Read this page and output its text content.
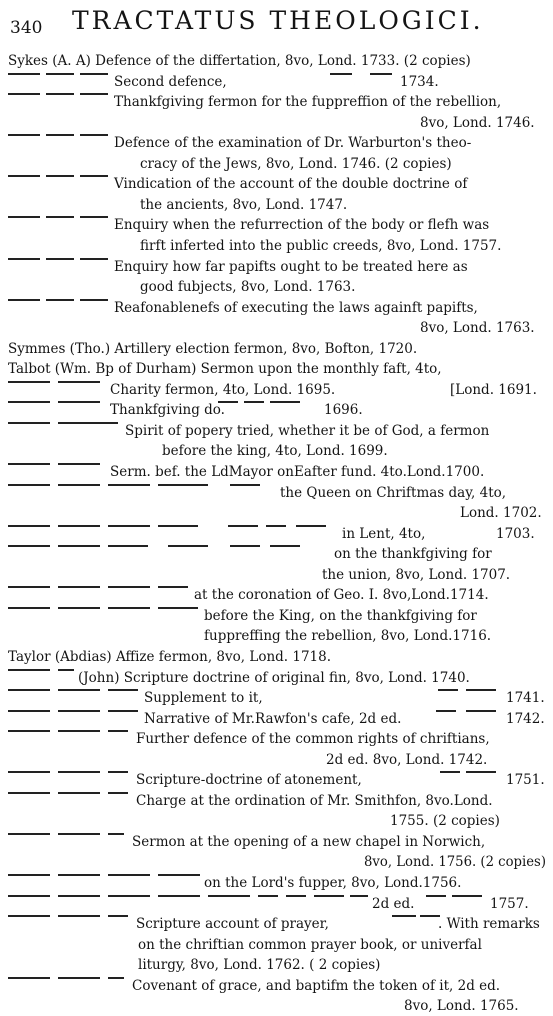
340 TRACTATUS THEOLOGICI.
Sykes (A. A) Defence of the differtation, 8vo, Lond. 1733. (2 copies)
Second defence,	1734.
Thankfgiving fermon for the fuppreffion of the rebellion,
8vo, Lond. 1746.
Defence of the examination of Dr. Warburton's theo-
cracy of the Jews, 8vo, Lond. 1746. (2 copies)
Vindication of the account of the double doctrine of
the ancients, 8vo, Lond. 1747.
Enquiry when the refurrection of the body or flefh was
firft inferted into the public creeds, 8vo, Lond. 1757.
Enquiry how far papifts ought to be treated here as
good fubjects, 8vo, Lond. 1763.
Reafonablenefs of executing the laws againft papifts,
8vo, Lond. 1763.
Symmes (Tho.) Artillery election fermon, 8vo, Bofton, 1720.
Talbot (Wm. Bp of Durham) Sermon upon the monthly faft, 4to,
Charity fermon, 4to, Lond. 1695.	[Lond. 1691.
Thankfgiving do.	1696.
Spirit of popery tried, whether it be of God, a fermon
before the king, 4to, Lond. 1699.
Serm. bef. the LdMayor onEafter fund. 4to.Lond.1700.
the Queen on Chriftmas day, 4to,
Lond. 1702.
in Lent, 4to,	1703.
on the thankfgiving for
the union, 8vo, Lond. 1707.
at the coronation of Geo. I. 8vo,Lond.1714.
before the King, on the thankfgiving for
fuppreffing the rebellion, 8vo, Lond.1716.
Taylor (Abdias) Affize fermon, 8vo, Lond. 1718.
(John) Scripture doctrine of original fin, 8vo, Lond. 1740.
Supplement to it,	1741.
Narrative of Mr.Rawfon's cafe, 2d ed.	1742.
Further defence of the common rights of chriftians,
2d ed. 8vo, Lond. 1742.
Scripture-doctrine of atonement,	1751.
Charge at the ordination of Mr. Smithfon, 8vo.Lond.
1755. (2 copies)
Sermon at the opening of a new chapel in Norwich,
8vo, Lond. 1756. (2 copies)
on the Lord's fupper, 8vo, Lond.1756.
2d ed.	1757.
Scripture account of prayer,	. With remarks
on the chriftian common prayer book, or univerfal
liturgy, 8vo, Lond. 1762. ( 2 copies)
Covenant of grace, and baptifm the token of it, 2d ed.
8vo, Lond. 1765.
